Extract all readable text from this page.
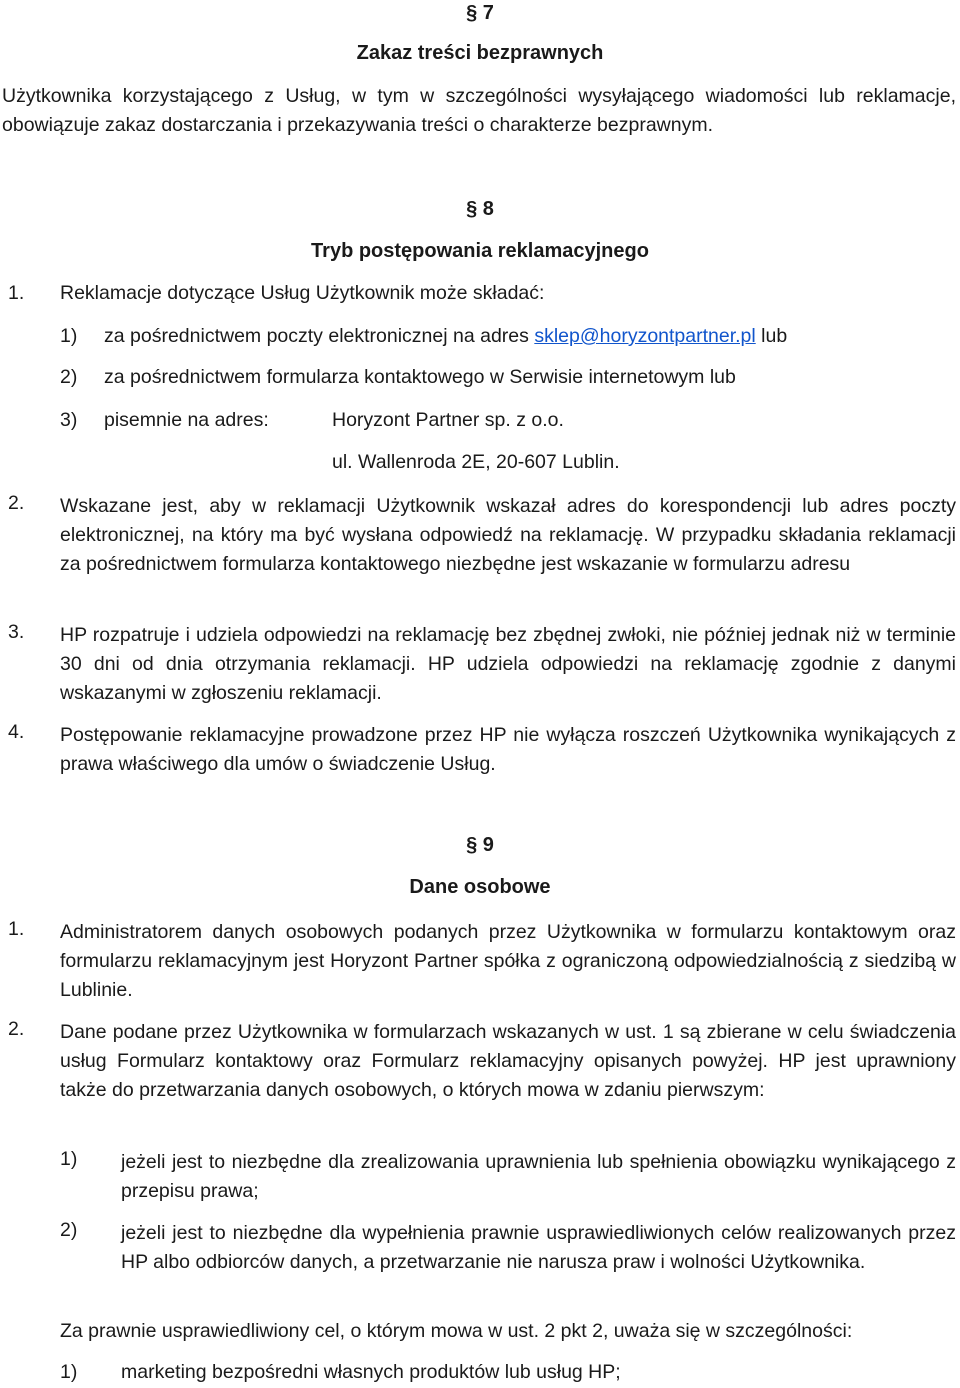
§ 7
Zakaz treści bezprawnych
Użytkownika korzystającego z Usług, w tym w szczególności wysyłającego wiadomości lub reklamacje, obowiązuje zakaz dostarczania i przekazywania treści o charakterze bezprawnym.
§ 8
Tryb postępowania reklamacyjnego
1. Reklamacje dotyczące Usług Użytkownik może składać:
1) za pośrednictwem poczty elektronicznej na adres sklep@horyzontpartner.pl lub
2) za pośrednictwem formularza kontaktowego w Serwisie internetowym lub
3) pisemnie na adres:	Horyzont Partner sp. z o.o.
ul. Wallenroda 2E, 20-607 Lublin.
2. Wskazane jest, aby w reklamacji Użytkownik wskazał adres do korespondencji lub adres poczty elektronicznej, na który ma być wysłana odpowiedź na reklamację. W przypadku składania reklamacji za pośrednictwem formularza kontaktowego niezbędne jest wskazanie w formularzu adresu
3. HP rozpatruje i udziela odpowiedzi na reklamację bez zbędnej zwłoki, nie później jednak niż w terminie 30 dni od dnia otrzymania reklamacji. HP udziela odpowiedzi na reklamację zgodnie z danymi wskazanymi w zgłoszeniu reklamacji.
4. Postępowanie reklamacyjne prowadzone przez HP nie wyłącza roszczeń Użytkownika wynikających z prawa właściwego dla umów o świadczenie Usług.
§ 9
Dane osobowe
1. Administratorem danych osobowych podanych przez Użytkownika w formularzu kontaktowym oraz formularzu reklamacyjnym jest Horyzont Partner spółka z ograniczoną odpowiedzialnością z siedzibą w Lublinie.
2. Dane podane przez Użytkownika w formularzach wskazanych w ust. 1 są zbierane w celu świadczenia usług Formularz kontaktowy oraz Formularz reklamacyjny opisanych powyżej. HP jest uprawniony także do przetwarzania danych osobowych, o których mowa w zdaniu pierwszym:
1) jeżeli jest to niezbędne dla zrealizowania uprawnienia lub spełnienia obowiązku wynikającego z przepisu prawa;
2) jeżeli jest to niezbędne dla wypełnienia prawnie usprawiedliwionych celów realizowanych przez HP albo odbiorców danych, a przetwarzanie nie narusza praw i wolności Użytkownika.
Za prawnie usprawiedliwiony cel, o którym mowa w ust. 2 pkt 2, uważa się w szczególności:
1) marketing bezpośredni własnych produktów lub usług HP;
